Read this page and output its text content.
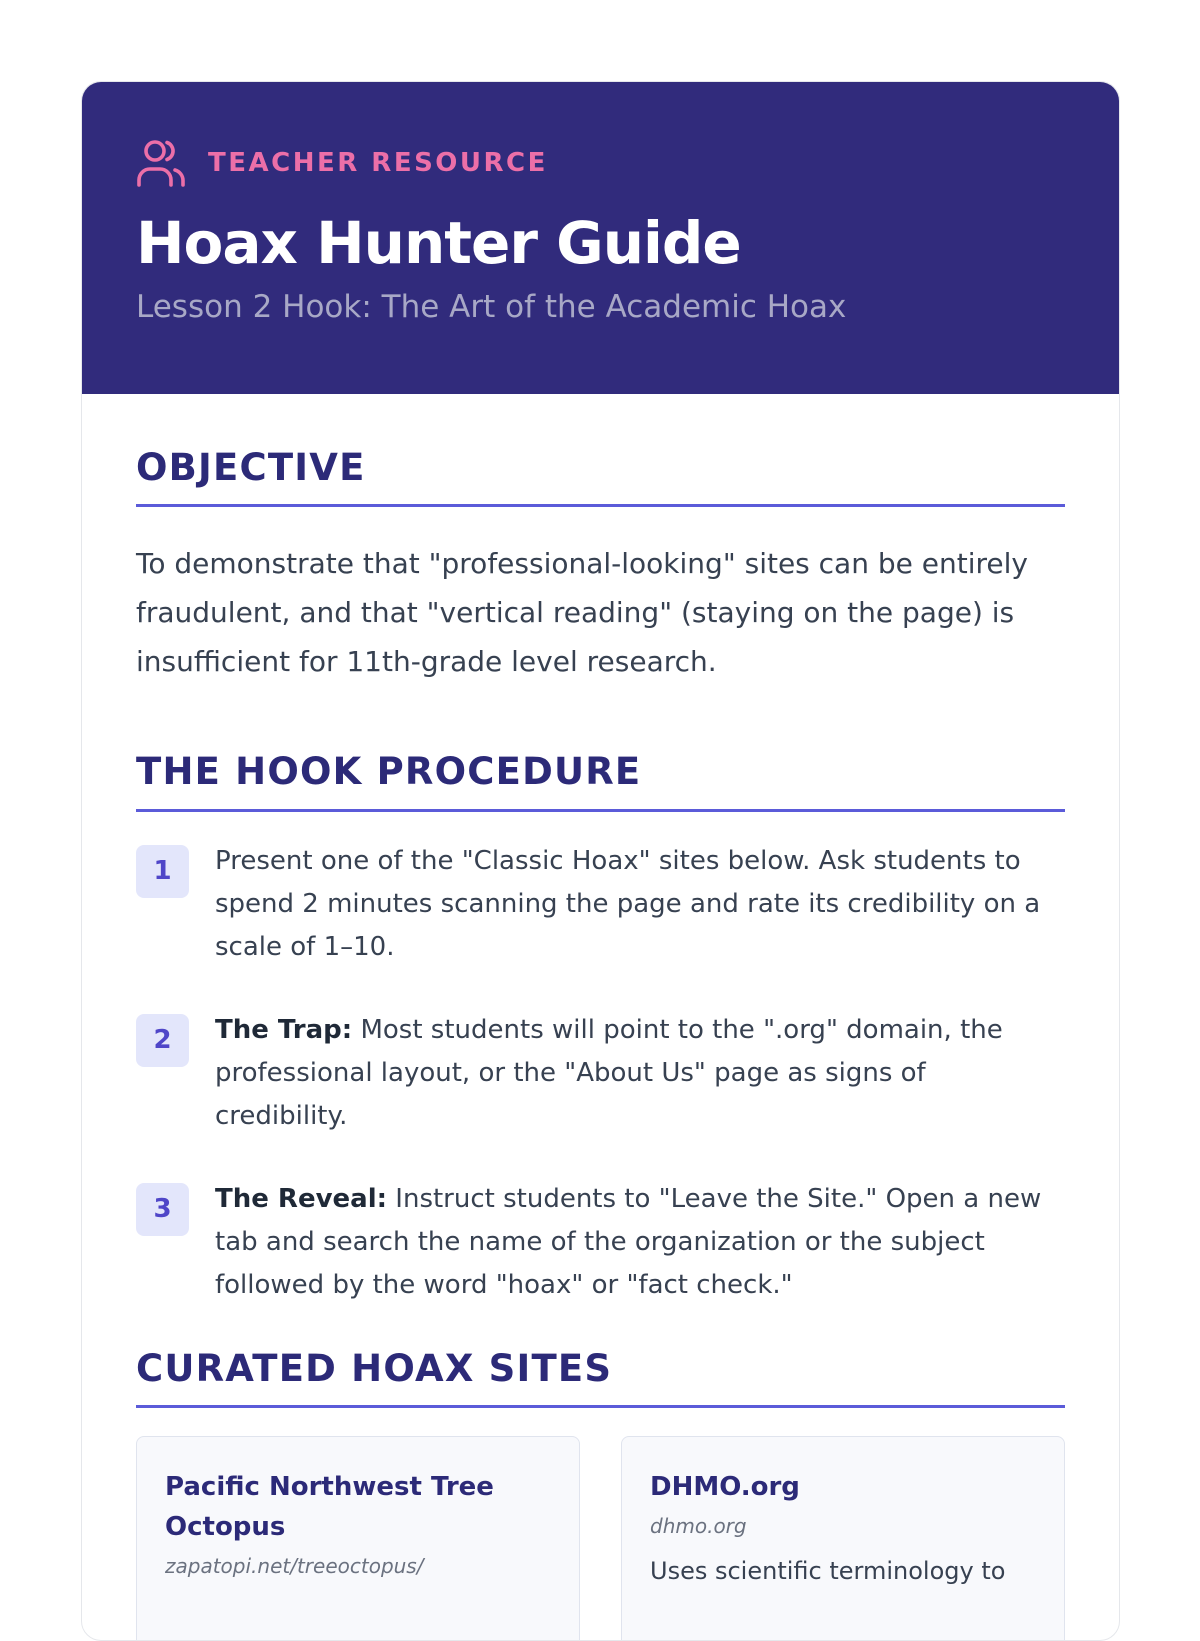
TEACHER RESOURCE
Hoax Hunter Guide
Lesson 2 Hook: The Art of the Academic Hoax
OBJECTIVE

To demonstrate that "professional-looking" sites can be entirely fraudulent, and that "vertical reading" (staying on the page) is insufficient for 11th-grade level research.

THE HOOK PROCEDURE
1	Present one of the "Classic Hoax" sites below. Ask students to spend 2 minutes scanning the page and rate its credibility on a scale of 1–10.
2	The Trap: Most students will point to the ".org" domain, the professional layout, or the "About Us" page as signs of credibility.
3	The Reveal: Instruct students to "Leave the Site." Open a new tab and search the name of the organization or the subject followed by the word "hoax" or "fact check."
CURATED HOAX SITES
Pacific Northwest Tree Octopus
zapatopi.net/treeoctopus/
DHMO.org
dhmo.org
Uses scientific terminology to
